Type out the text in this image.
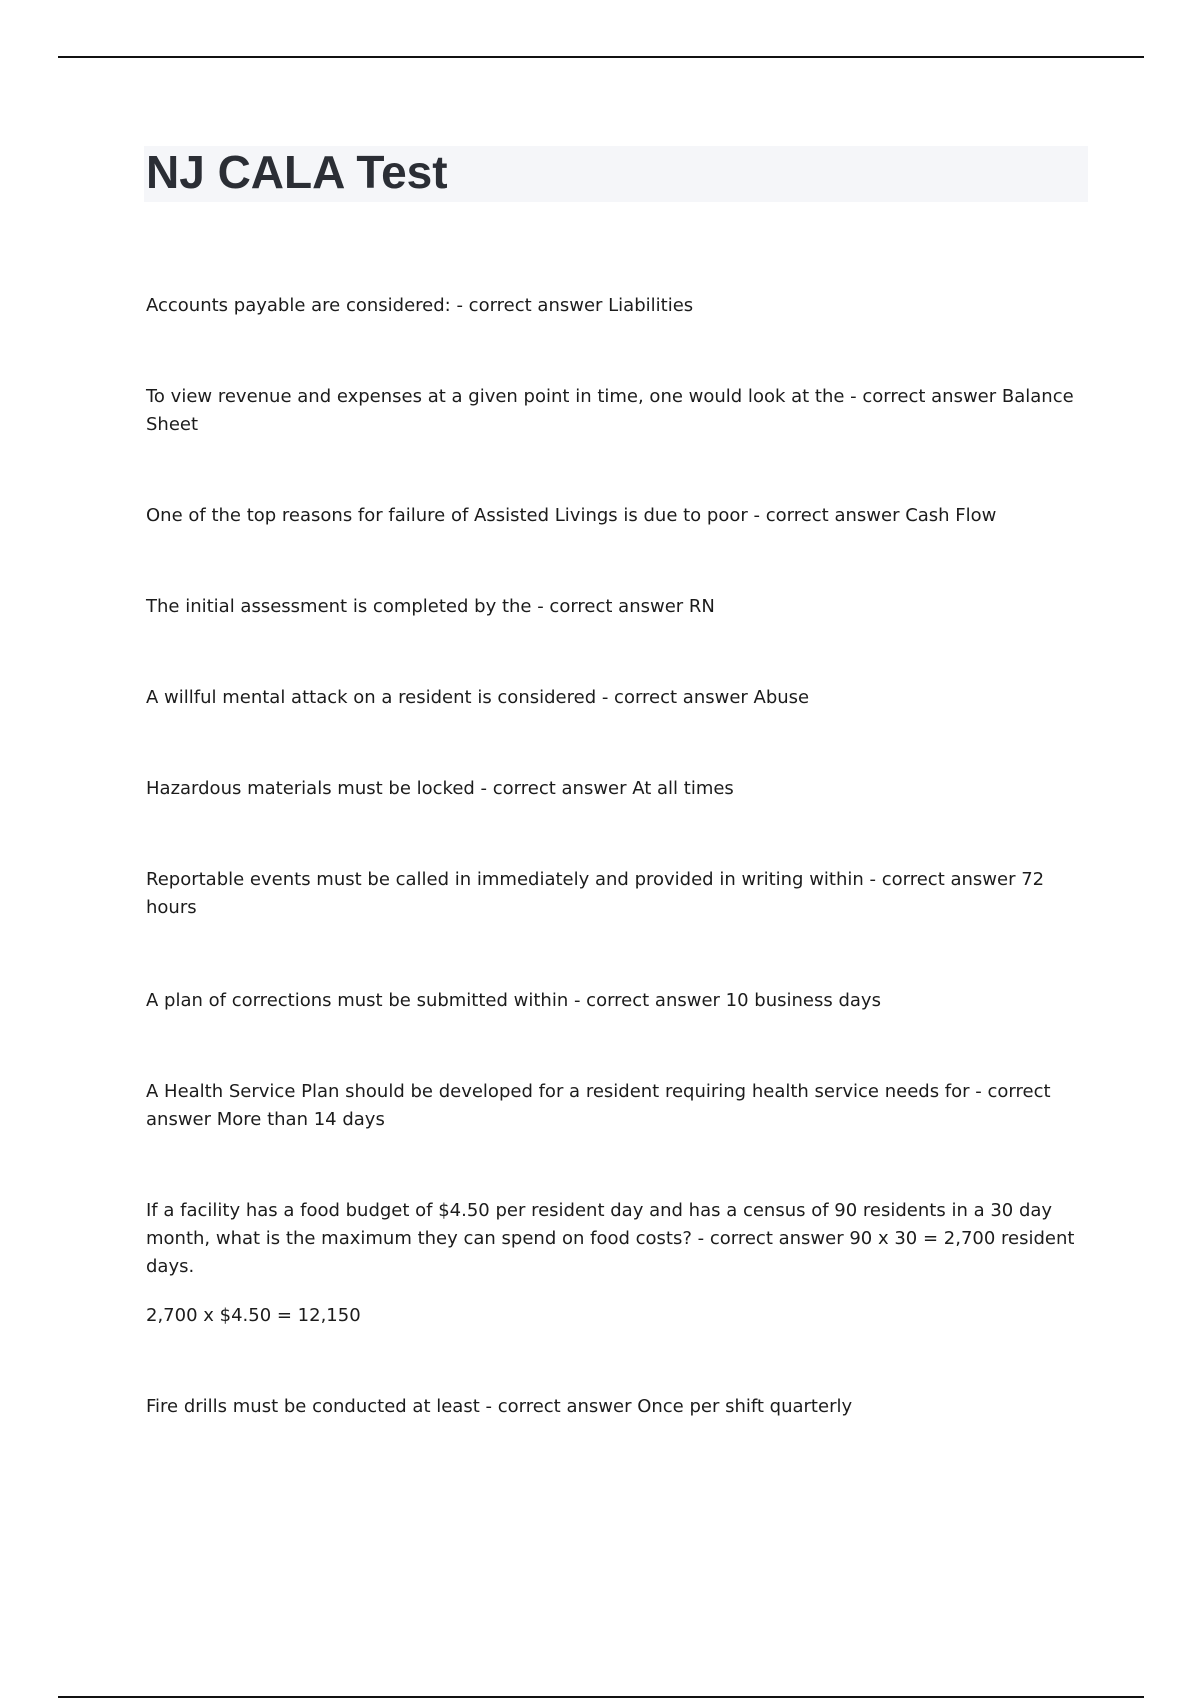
NJ CALA Test

Accounts payable are considered: - correct answer Liabilities

To view revenue and expenses at a given point in time, one would look at the - correct answer Balance Sheet

One of the top reasons for failure of Assisted Livings is due to poor - correct answer Cash Flow

The initial assessment is completed by the - correct answer RN

A willful mental attack on a resident is considered - correct answer Abuse

Hazardous materials must be locked - correct answer At all times

Reportable events must be called in immediately and provided in writing within - correct answer 72 hours

A plan of corrections must be submitted within - correct answer 10 business days

A Health Service Plan should be developed for a resident requiring health service needs for - correct answer More than 14 days

If a facility has a food budget of $4.50 per resident day and has a census of 90 residents in a 30 day month, what is the maximum they can spend on food costs? - correct answer 90 x 30 = 2,700 resident days.

2,700 x $4.50 = 12,150

Fire drills must be conducted at least - correct answer Once per shift quarterly
